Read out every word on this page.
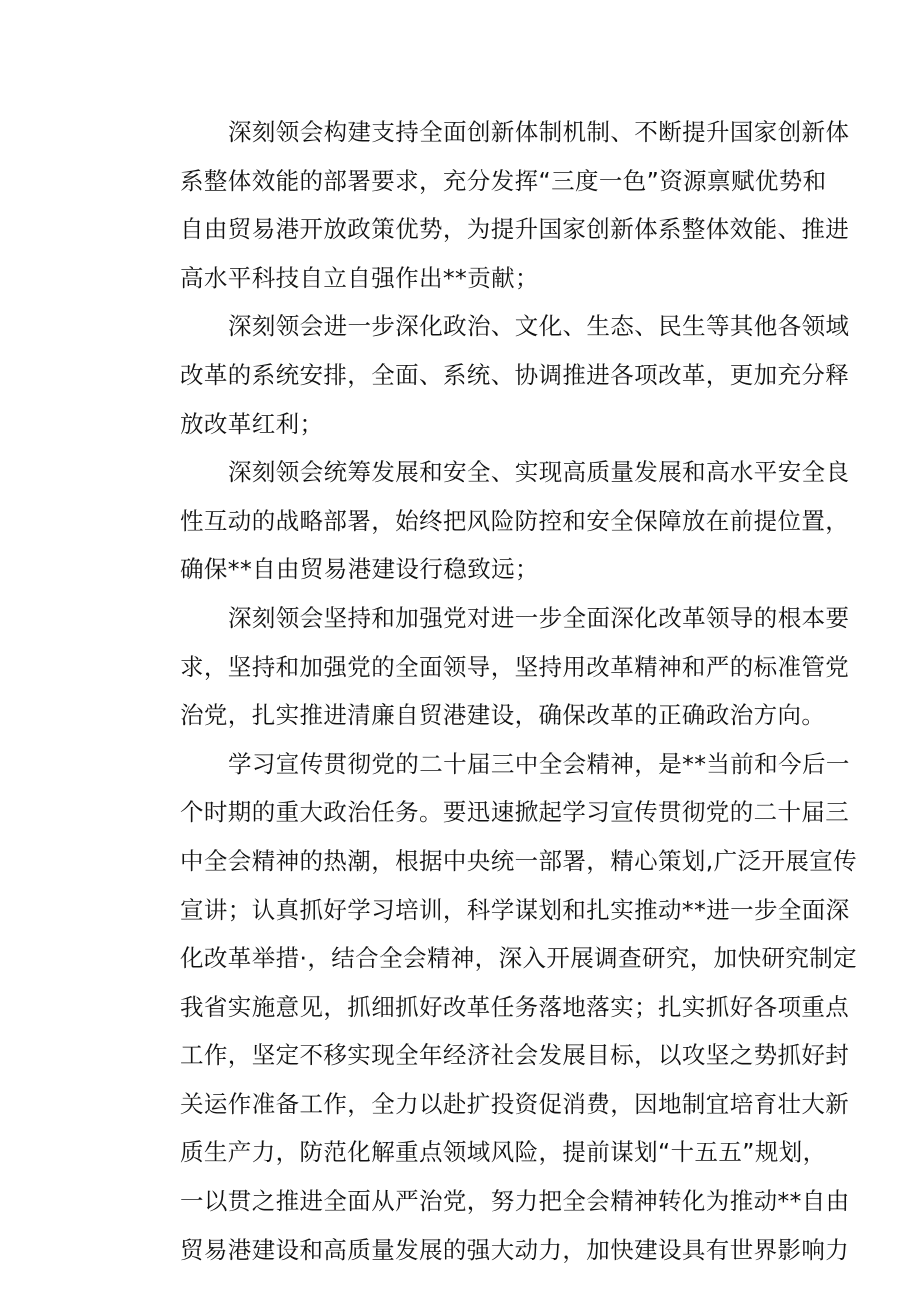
深刻领会构建支持全面创新体制机制、不断提升国家创新体
系整体效能的部署要求，充分发挥“三度一色”资源禀赋优势和
自由贸易港开放政策优势，为提升国家创新体系整体效能、推进
高水平科技自立自强作出**贡献；
深刻领会进一步深化政治、文化、生态、民生等其他各领域
改革的系统安排，全面、系统、协调推进各项改革，更加充分释
放改革红利；
深刻领会统筹发展和安全、实现高质量发展和高水平安全良
性互动的战略部署，始终把风险防控和安全保障放在前提位置，
确保**自由贸易港建设行稳致远；
深刻领会坚持和加强党对进一步全面深化改革领导的根本要
求，坚持和加强党的全面领导，坚持用改革精神和严的标准管党
治党，扎实推进清廉自贸港建设，确保改革的正确政治方向。
学习宣传贯彻党的二十届三中全会精神，是**当前和今后一
个时期的重大政治任务。要迅速掀起学习宣传贯彻党的二十届三
中全会精神的热潮，根据中央统一部署，精心策划,广泛开展宣传
宣讲；认真抓好学习培训，科学谋划和扎实推动**进一步全面深
化改革举措·，结合全会精神，深入开展调查研究，加快研究制定
我省实施意见，抓细抓好改革任务落地落实；扎实抓好各项重点
工作，坚定不移实现全年经济社会发展目标，以攻坚之势抓好封
关运作准备工作，全力以赴扩投资促消费，因地制宜培育壮大新
质生产力，防范化解重点领域风险，提前谋划“十五五”规划，
一以贯之推进全面从严治党，努力把全会精神转化为推动**自由
贸易港建设和高质量发展的强大动力，加快建设具有世界影响力
